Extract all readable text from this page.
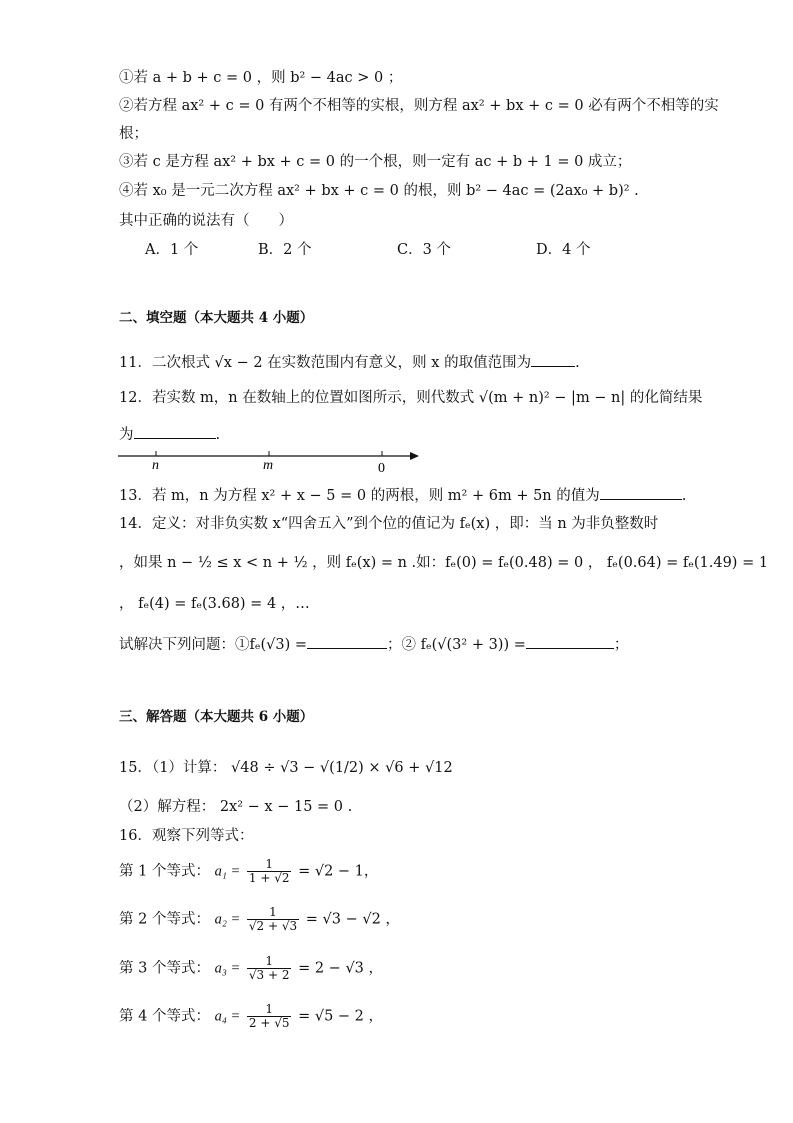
①若 a + b + c = 0 ，则 b² − 4ac > 0 ；
②若方程 ax² + c = 0 有两个不相等的实根，则方程 ax² + bx + c = 0 必有两个不相等的实
根；
③若 c 是方程 ax² + bx + c = 0 的一个根，则一定有 ac + b + 1 = 0 成立；
④若 x₀ 是一元二次方程 ax² + bx + c = 0 的根，则 b² − 4ac = (2ax₀ + b)² .
其中正确的说法有（　　）
A．1 个	B．2 个	C．3 个	D．4 个
二、填空题（本大题共 4 小题）
11．二次根式 √x − 2 在实数范围内有意义，则 x 的取值范围为	.
12．若实数 m，n 在数轴上的位置如图所示，则代数式 √(m + n)² − |m − n| 的化简结果
为	.
n	m	0
13．若 m，n 为方程 x² + x − 5 = 0 的两根，则 m² + 6m + 5n 的值为	.
14．定义：对非负实数 x“四舍五入”到个位的值记为 fₑ(x) ，即：当 n 为非负整数时
，如果 n − ½ ≤ x < n + ½ ，则 fₑ(x) = n .如：fₑ(0) = fₑ(0.48) = 0 ， fₑ(0.64) = fₑ(1.49) = 1
， fₑ(4) = fₑ(3.68) = 4 ，…
试解决下列问题：①fₑ(√3) =	；② fₑ(√(3² + 3)) =	；
三、解答题（本大题共 6 小题）
15．（1）计算： √48 ÷ √3 − √(1/2) × √6 + √12
（2）解方程： 2x² − x − 15 = 0 .
16．观察下列等式：
第 1 个等式： $a_1 = \frac{1}{1 + √2} = √2 - 1$，
第 2 个等式： $a_2 = \frac{1}{√2 + √3} = √3 - √2$ ，
第 3 个等式： $a_3 = \frac{1}{√3 + 2} = 2 - √3$ ，
第 4 个等式： $a_4 = \frac{1}{2 + √5} = √5 - 2$ ，
